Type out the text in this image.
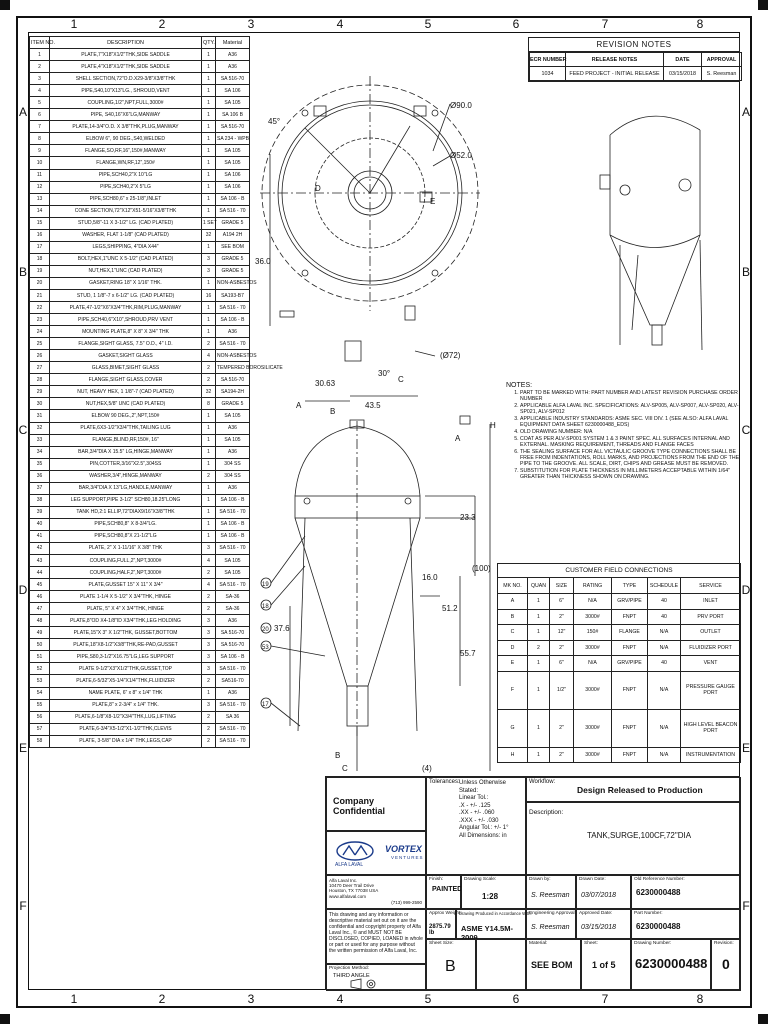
1	2	3	4	5	6	7	8
1	2	3	4	5	6	7	8
A
B
C
D
E
F
A
B
C
D
E
F
ITEM NO.	DESCRIPTION	QTY.	Material
1	PLATE,7"X18"X1/2"THK,SIDE SADDLE	1	A36
2	PLATE,4"X18"X1/2"THK,SIDE SADDLE	1	A36
3	SHELL SECTION,72"O.D.X29-3/8"X3/8"THK	1	SA 516-70
4	PIPE,S40,10"X13"LG., SHROUD,VENT	1	SA 106
5	COUPLING,1/2",NPT,FULL,3000#	1	SA 105
6	PIPE, S40,16"X6"LG,MANWAY	1	SA 106 B
7	PLATE,14-3/4"O.D. X 3/8"THK,PLUG,MANWAY	1	SA 516-70
8	ELBOW 6", 90 DEG.,S40,WELDED	1	SA 234 - WPB
9	FLANGE,SO,RF,16",150#,MANWAY	1	SA 105
10	FLANGE,WN,RF,12",150#	1	SA 105
11	PIPE,SCH40,2"X 10"LG	1	SA 106
12	PIPE,SCH40,2"X 5"LG	1	SA 106
13	PIPE,SCH80,6" x 25-1/8",INLET	1	SA 106 - B
14	CONE SECTION,72"X12"X51-5/16"X3/8"THK	1	SA 516 - 70
15	STUD,5/8"-11 X 3-1/2" LG. (CAD PLATED)	1 SET	GRADE 5
16	WASHER, FLAT 1-1/8" (CAD PLATED)	32	A194 2H
17	LEGS,SHIPPING, 4"DIA X44"	1	SEE BOM
18	BOLT,HEX,1"UNC X 5-1/2" (CAD PLATED)	3	GRADE 5
19	NUT,HEX,1"UNC (CAD PLATED)	3	GRADE 5
20	GASKET,RING 18" X 1/16" THK.	1	NON-ASBESTOS
21	STUD, 1 1/8"-7 x 6-1/2" LG. (CAD PLATED)	16	SA193-B7
22	PLATE,47-1/2"X6"X3/4"THK,RIM,PLUG,MANWAY	1	SA 516 - 70
23	PIPE,SCH40,6"X10",SHROUD,PRV VENT	1	SA 106 - B
24	MOUNTING PLATE,8" X 8" X 3/4" THK	1	A36
25	FLANGE,SIGHT GLASS, 7.5" O.D., 4" I.D.	2	SA 516 - 70
26	GASKET,SIGHT GLASS	4	NON-ASBESTOS
27	GLASS,BIMET,SIGHT GLASS	2	TEMPERED BOROSILICATE
28	FLANGE,SIGHT GLASS,COVER	2	SA 516-70
29	NUT, HEAVY HEX, 1 1/8"-7 (CAD PLATED)	32	SA194-2H
30	NUT,HEX,5/8" UNC (CAD PLATED)	8	GRADE 5
31	ELBOW 90 DEG.,2",NPT,150#	1	SA 105
32	PLATE,6X3-1/2"X3/4"THK,TAILING LUG	1	A36
33	FLANGE,BLIND,RF,150#, 16"	1	SA 105
34	BAR,3/4"DIA X 15.5" LG,HINGE,MANWAY	1	A36
35	PIN,COTTER,3/16"X2.5",304SS	1	304 SS
36	WASHER,3/4",HINGE,MANWAY	2	304 SS
37	BAR,3/4"DIA X 13"LG,HANDLE,MANWAY	1	A36
38	LEG SUPPORT,PIPE 3-1/2" SCH80,18.25"LONG	1	SA 106 - B
39	TANK HD,2:1 ELLIP,72"DIAX9/16"X3/8"THK	1	SA 516 - 70
40	PIPE,SCH80,8" X 8-3/4"LG.	1	SA 106 - B
41	PIPE,SCH80,8"X 21-1/2"LG	1	SA 106 - B
42	PLATE, 2" X 1-11/16" X 3/8" THK	3	SA 516 - 70
43	COUPLING,FULL,2",NPT,3000#	4	SA 105
44	COUPLING,HALF,2",NPT,3000#	2	SA 105
45	PLATE,GUSSET 15" X 11" X 3/4"	4	SA 516 - 70
46	PLATE 1-1/4 X 5-1/2" X 3/4"THK, HINGE	2	SA-36
47	PLATE, 5" X 4" X 3/4"THK, HINGE	2	SA-36
48	PLATE,8"OD X4-1/8"ID X3/4"THK,LEG HOLDING	3	A36
49	PLATE,15"X 3" X 1/2"THK, GUSSET,BOTTOM	3	SA 516-70
50	PLATE,18"X8-1/2"X3/8"THK,RE-PAD,GUSSET	3	SA 516-70
51	PIPE,S80,3-1/2"X16.75"LG,LEG SUPPORT	3	SA 106 - B
52	PLATE 9-1/2"X3"X1/2"THK,GUSSET,TOP	3	SA 516 - 70
53	PLATE,6-5/32"X5-1/4"X1/4"THK,FLUIDIZER	2	SA516-70
54	NAME PLATE, 6" x 8" x 1/4" THK	1	A36
55	PLATE,8" x 2-3/4" x 1/4" THK.	3	SA 516 - 70
56	PLATE,6-1/8"X8-1/2"X3/4"THK,LUG,LIFTING	2	SA 36
57	PLATE,6-3/4"X5-1/2"X1-1/2"THK,CLEVIS	2	SA 516 - 70
58	PLATE, 3-5/8" DIA x 1/4" THK,LEGS,CAP	2	SA 516 - 70
Ø90.0
Ø52.0
36.0
30.63
43.5
(Ø72)
45°
30°
D
E
A
B
C
23.3
(100)
16.0
51.2
37.6
55.7
(4)
19
18
20
53
17
B
C
H
A
REVISION NOTES
ECR NUMBER	RELEASE NOTES	DATE	APPROVAL
1034	FEED PROJECT - INITIAL RELEASE	03/15/2018	S. Reesman
NOTES:
1. PART TO BE MARKED WITH: PART NUMBER AND LATEST REVISION PURCHASE ORDER NUMBER
2. APPLICABLE ALFA LAVAL INC. SPECIFICATIONS: ALV-SP005, ALV-SP007, ALV-SP020, ALV-SP021, ALV-SP012
3. APPLICABLE INDUSTRY STANDARDS: ASME SEC. VIII DIV. 1 (SEE ALSO: ALFA LAVAL EQUIPMENT DATA SHEET 6230000488_EDS)
4. OLD DRAWING NUMBER: N/A
5. COAT AS PER ALV-SP001 SYSTEM 1 & 3 PAINT SPEC. ALL SURFACES INTERNAL AND EXTERNAL. MASKING REQUIREMENT, THREADS AND FLANGE FACES
6. THE SEALING SURFACE FOR ALL VICTAULIC GROOVE TYPE CONNECTIONS SHALL BE FREE FROM INDENTATIONS, ROLL MARKS, AND PROJECTIONS FROM THE END OF THE PIPE TO THE GROOVE. ALL SCALE, DIRT, CHIPS AND GREASE MUST BE REMOVED.
7. SUBSTITUTION FOR PLATE THICKNESS IN MILLIMETERS ACCEPTABLE WITHIN 1/64" GREATER THAN THICKNESS SHOWN ON DRAWING.
CUSTOMER FIELD CONNECTIONS						
MK NO.	QUAN	SIZE	RATING	TYPE	SCHEDULE	SERVICE
A	1	6"	N/A	GRV/PIPE	40	INLET
B	1	2"	3000#	FNPT	40	PRV PORT
C	1	12"	150#	FLANGE	N/A	OUTLET
D	2	2"	3000#	FNPT	N/A	FLUIDIZER PORT
E	1	6"	N/A	GRV/PIPE	40	VENT
F	1	1/2"	3000#	FNPT	N/A	PRESSURE GAUGE PORT
G	1	2"	3000#	FNPT	N/A	HIGH LEVEL BEACON PORT
H	1	2"	3000#	FNPT	N/A	INSTRUMENTATION
Company Confidential
Tolerances: Unless Otherwise Stated:
Linear Tol.:
.X - +/- .125
.XX - +/- .060
.XXX - +/- .030
Angular Tol.: +/- 1°
All Dimensions: in
Workflow:
Design Released to Production
Description:
TANK,SURGE,100CF,72"DIA
ALFA LAVAL
VORTEX
VENTURES
Alfa Laval Inc.
10470 Deer Trail Drive
Houston, TX 77038 USA
www.alfalaval.com
(713) 999-2590
This drawing and any information or descriptive material set out on it are the confidential and copyright property of Alfa Laval Inc., © and MUST NOT BE DISCLOSED, COPIED, LOANED in whole or part or used for any purpose without the written permission of Alfa Laval, Inc.
Projection Method:
THIRD ANGLE
Finish:
PAINTED
Drawing Scale:
1:28
Drawn by:
S. Reesman
Drawn Date:
03/07/2018
Old Reference Number:
6230000488
Approx Weight:
2875.79 lb
Drawing Produced in Accordance With:
ASME Y14.5M-2009
Engineering Approval:
S. Reesman
Approved Date:
03/15/2018
Part Number:
6230000488
Sheet Size:
B
Material:
SEE BOM
Sheet:
1 of 5
Drawing Number:
6230000488
Revision:
0
